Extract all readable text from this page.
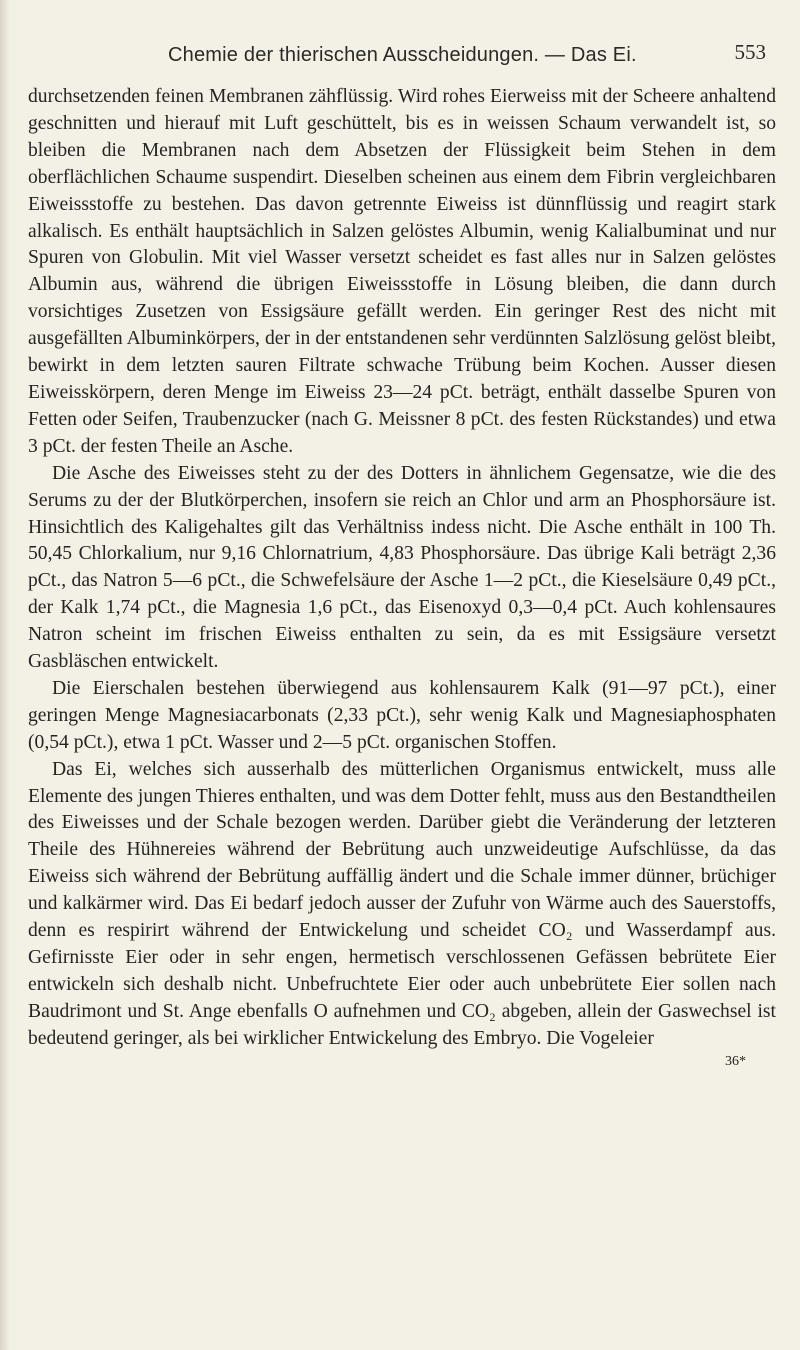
Chemie der thierischen Ausscheidungen. — Das Ei.	553

durchsetzenden feinen Membranen zähflüssig. Wird rohes Eierweiss mit der Scheere anhaltend geschnitten und hierauf mit Luft geschüttelt, bis es in weissen Schaum verwandelt ist, so bleiben die Membranen nach dem Absetzen der Flüssigkeit beim Stehen in dem oberflächlichen Schaume suspendirt. Dieselben scheinen aus einem dem Fibrin vergleichbaren Eiweissstoffe zu bestehen. Das davon getrennte Eiweiss ist dünnflüssig und reagirt stark alkalisch. Es enthält hauptsächlich in Salzen gelöstes Albumin, wenig Kalialbuminat und nur Spuren von Globulin. Mit viel Wasser versetzt scheidet es fast alles nur in Salzen gelöstes Albumin aus, während die übrigen Eiweissstoffe in Lösung bleiben, die dann durch vorsichtiges Zusetzen von Essigsäure gefällt werden. Ein geringer Rest des nicht mit ausgefällten Albuminkörpers, der in der entstandenen sehr verdünnten Salzlösung gelöst bleibt, bewirkt in dem letzten sauren Filtrate schwache Trübung beim Kochen. Ausser diesen Eiweisskörpern, deren Menge im Eiweiss 23—24 pCt. beträgt, enthält dasselbe Spuren von Fetten oder Seifen, Traubenzucker (nach G. Meissner 8 pCt. des festen Rückstandes) und etwa 3 pCt. der festen Theile an Asche.

Die Asche des Eiweisses steht zu der des Dotters in ähnlichem Gegensatze, wie die des Serums zu der der Blutkörperchen, insofern sie reich an Chlor und arm an Phosphorsäure ist. Hinsichtlich des Kaligehaltes gilt das Verhältniss indess nicht. Die Asche enthält in 100 Th. 50,45 Chlorkalium, nur 9,16 Chlornatrium, 4,83 Phosphorsäure. Das übrige Kali beträgt 2,36 pCt., das Natron 5—6 pCt., die Schwefelsäure der Asche 1—2 pCt., die Kieselsäure 0,49 pCt., der Kalk 1,74 pCt., die Magnesia 1,6 pCt., das Eisenoxyd 0,3—0,4 pCt. Auch kohlensaures Natron scheint im frischen Eiweiss enthalten zu sein, da es mit Essigsäure versetzt Gasbläschen entwickelt.

Die Eierschalen bestehen überwiegend aus kohlensaurem Kalk (91—97 pCt.), einer geringen Menge Magnesiacarbonats (2,33 pCt.), sehr wenig Kalk und Magnesiaphosphaten (0,54 pCt.), etwa 1 pCt. Wasser und 2—5 pCt. organischen Stoffen.

Das Ei, welches sich ausserhalb des mütterlichen Organismus entwickelt, muss alle Elemente des jungen Thieres enthalten, und was dem Dotter fehlt, muss aus den Bestandtheilen des Eiweisses und der Schale bezogen werden. Darüber giebt die Veränderung der letzteren Theile des Hühnereies während der Bebrütung auch unzweideutige Aufschlüsse, da das Eiweiss sich während der Bebrütung auffällig ändert und die Schale immer dünner, brüchiger und kalkärmer wird. Das Ei bedarf jedoch ausser der Zufuhr von Wärme auch des Sauerstoffs, denn es respirirt während der Entwickelung und scheidet CO₂ und Wasserdampf aus. Gefirnisste Eier oder in sehr engen, hermetisch verschlossenen Gefässen bebrütete Eier entwickeln sich deshalb nicht. Unbefruchtete Eier oder auch unbebrütete Eier sollen nach Baudrimont und St. Ange ebenfalls O aufnehmen und CO₂ abgeben, allein der Gaswechsel ist bedeutend geringer, als bei wirklicher Entwickelung des Embryo. Die Vogeleier

36*
